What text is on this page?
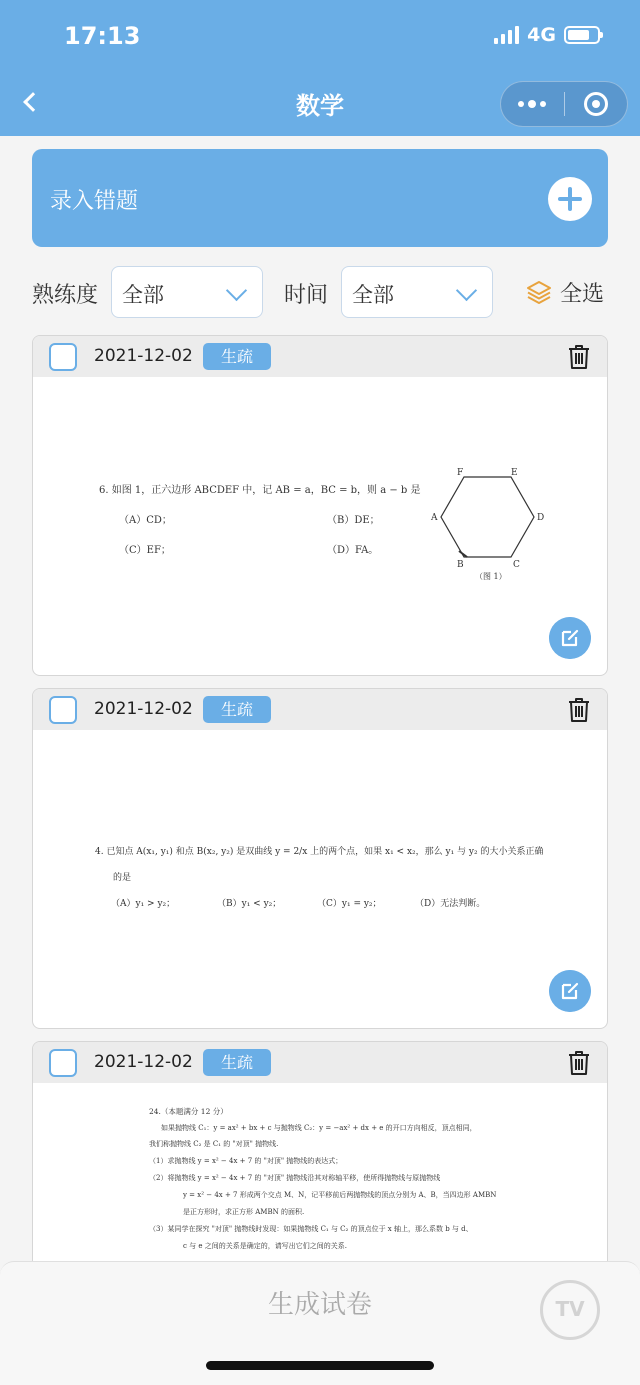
17:13	4G
数学
录入错题
熟练度 全部	时间 全部	全选
2021-12-02	生疏
6. 如图 1，正六边形 ABCDEF 中，记 AB = a，BC = b，则 a − b 是
（A）CD；	（B）DE；
（C）EF；	（D）FA。
F	E
A	D
B	C
（图 1）
2021-12-02	生疏
4. 已知点 A(x₁, y₁) 和点 B(x₂, y₂) 是双曲线 y = 2/x 上的两个点，如果 x₁ < x₂，那么 y₁ 与 y₂ 的大小关系正确
的是
（A）y₁ > y₂；	（B）y₁ < y₂；	（C）y₁ = y₂；	（D）无法判断。
2021-12-02	生疏
24.（本题满分 12 分）
如果抛物线 C₁：y = ax² + bx + c 与抛物线 C₂：y = −ax² + dx + e 的开口方向相反，顶点相同，
我们称抛物线 C₂ 是 C₁ 的 "对顶" 抛物线.
（1）求抛物线 y = x² − 4x + 7 的 "对顶" 抛物线的表达式；
（2）将抛物线 y = x² − 4x + 7 的 "对顶" 抛物线沿其对称轴平移，使所得抛物线与原抛物线
y = x² − 4x + 7 形成两个交点 M、N，记平移前后两抛物线的顶点分别为 A、B，当四边形 AMBN
是正方形时，求正方形 AMBN 的面积.
（3）某同学在探究 "对顶" 抛物线时发现：如果抛物线 C₁ 与 C₂ 的顶点位于 x 轴上，那么系数 b 与 d、
c 与 e 之间的关系是确定的，请写出它们之间的关系.
生成试卷
TV
